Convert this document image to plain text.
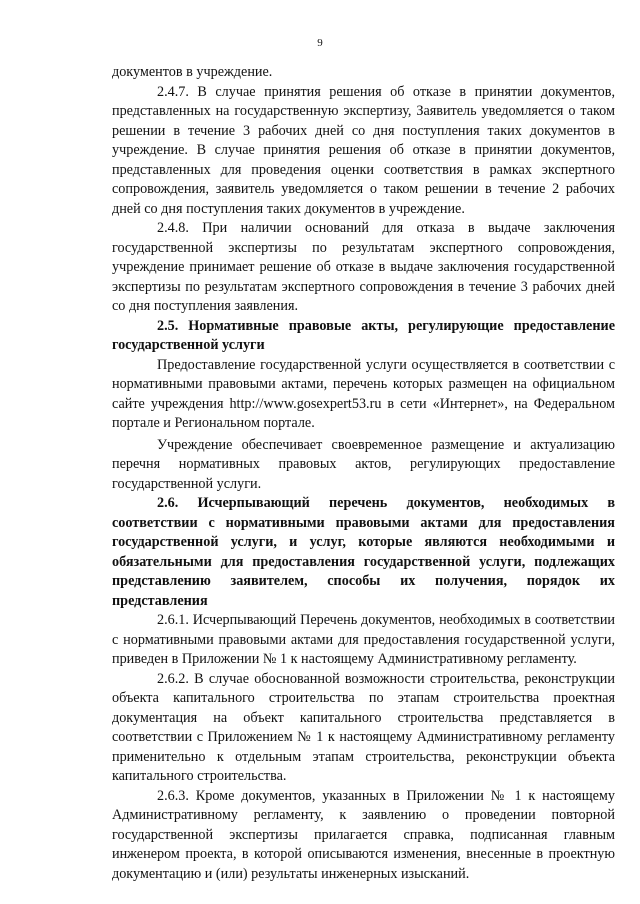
9

документов в учреждение.

2.4.7. В случае принятия решения об отказе в принятии документов, представленных на государственную экспертизу, Заявитель уведомляется о таком решении в течение 3 рабочих дней со дня поступления таких документов в учреждение. В случае принятия решения об отказе в принятии документов, представленных для проведения оценки соответствия в рамках экспертного сопровождения, заявитель уведомляется о таком решении в течение 2 рабочих дней со дня поступления таких документов в учреждение.

2.4.8. При наличии оснований для отказа в выдаче заключения государственной экспертизы по результатам экспертного сопровождения, учреждение принимает решение об отказе в выдаче заключения государственной экспертизы по результатам экспертного сопровождения в течение 3 рабочих дней со дня поступления заявления.

2.5. Нормативные правовые акты, регулирующие предоставление государственной услуги

Предоставление государственной услуги осуществляется в соответствии с нормативными правовыми актами, перечень которых размещен на официальном сайте учреждения http://www.gosexpert53.ru в сети «Интернет», на Федеральном портале и Региональном портале.

Учреждение обеспечивает своевременное размещение и актуализацию перечня нормативных правовых актов, регулирующих предоставление государственной услуги.

2.6. Исчерпывающий перечень документов, необходимых в соответствии с нормативными правовыми актами для предоставления государственной услуги, и услуг, которые являются необходимыми и обязательными для предоставления государственной услуги, подлежащих представлению заявителем, способы их получения, порядок их представления

2.6.1. Исчерпывающий Перечень документов, необходимых в соответствии с нормативными правовыми актами для предоставления государственной услуги, приведен в Приложении № 1 к настоящему Административному регламенту.

2.6.2. В случае обоснованной возможности строительства, реконструкции объекта капитального строительства по этапам строительства проектная документация на объект капитального строительства представляется в соответствии с Приложением № 1 к настоящему Административному регламенту применительно к отдельным этапам строительства, реконструкции объекта капитального строительства.

2.6.3. Кроме документов, указанных в Приложении № 1 к настоящему Административному регламенту, к заявлению о проведении повторной государственной экспертизы прилагается справка, подписанная главным инженером проекта, в которой описываются изменения, внесенные в проектную документацию и (или) результаты инженерных изысканий.
